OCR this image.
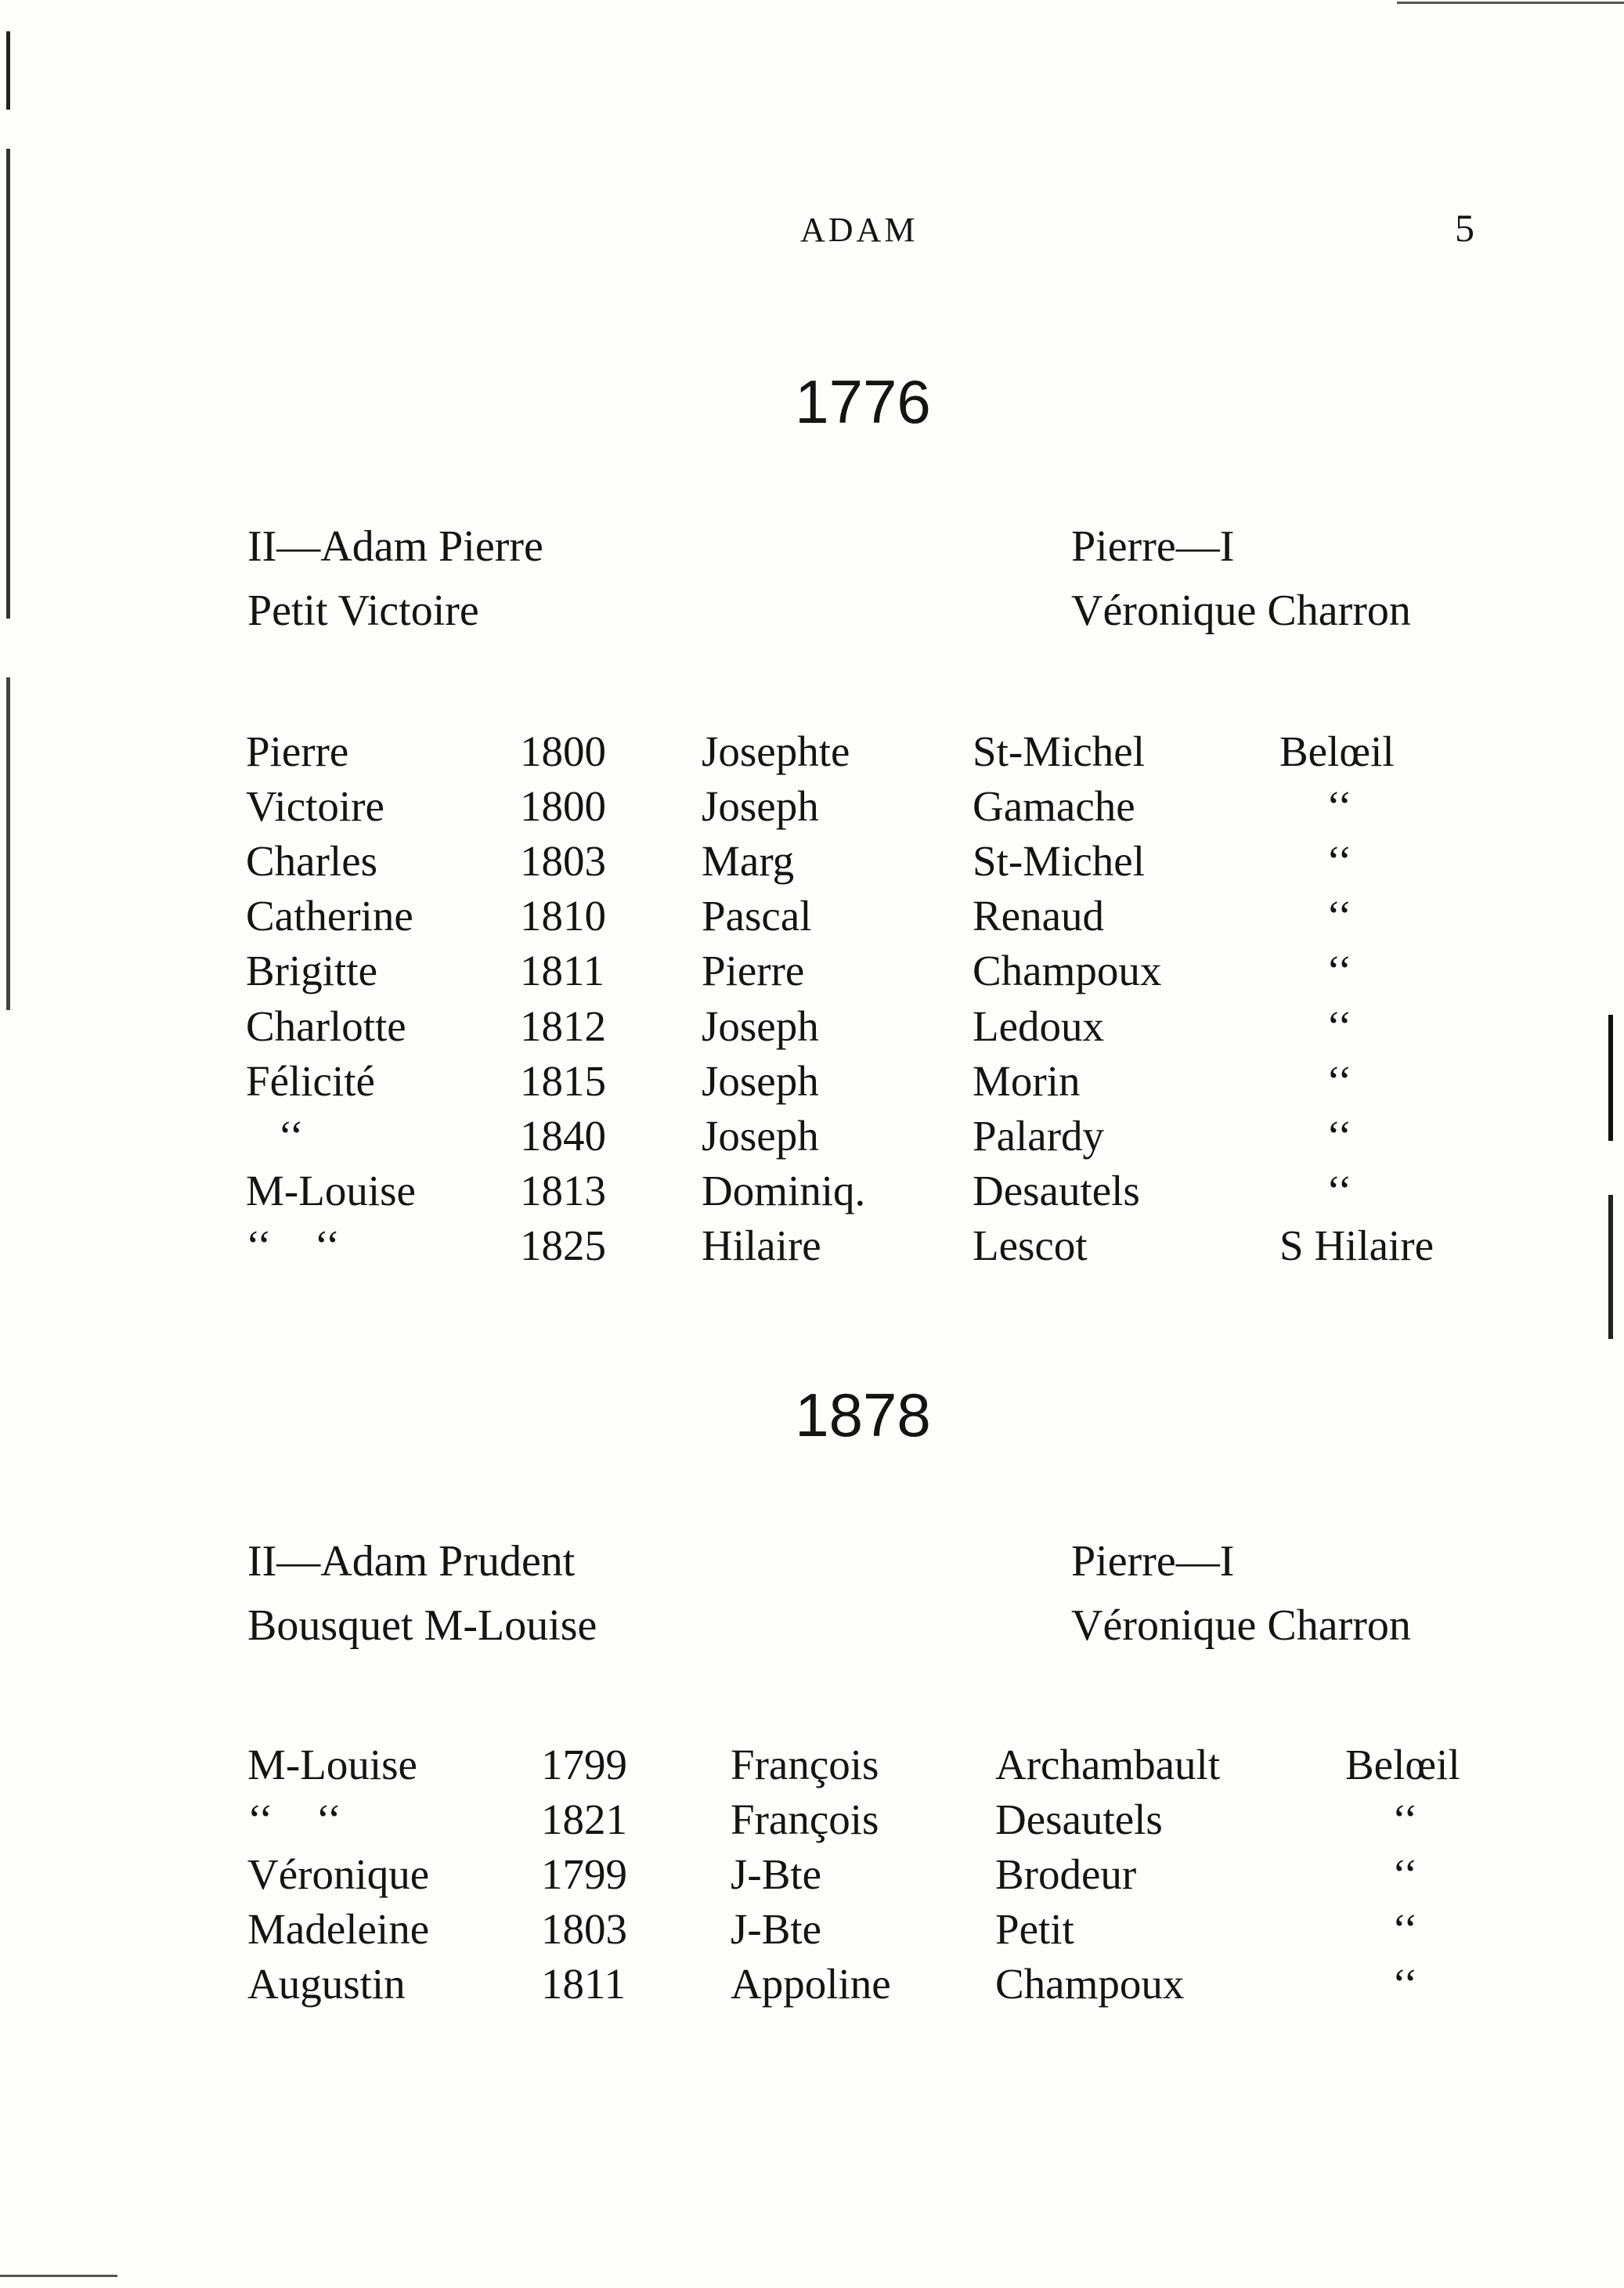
ADAM	5
1776
II—Adam Pierre	Pierre—I
Petit Victoire	Véronique Charron
Pierre	1800	Josephte	St-Michel	Belœil
Victoire	1800	Joseph	Gamache	‘‘
Charles	1803	Marg	St-Michel	‘‘
Catherine	1810	Pascal	Renaud	‘‘
Brigitte	1811	Pierre	Champoux	‘‘
Charlotte	1812	Joseph	Ledoux	‘‘
Félicité	1815	Joseph	Morin	‘‘
‘‘	1840	Joseph	Palardy	‘‘
M-Louise	1813	Dominiq.	Desautels	‘‘
‘‘    ‘‘	1825	Hilaire	Lescot	S Hilaire
1878
II—Adam Prudent	Pierre—I
Bousquet M-Louise	Véronique Charron
M-Louise	1799	François	Archambault	Belœil
‘‘    ‘‘	1821	François	Desautels	‘‘
Véronique	1799	J-Bte	Brodeur	‘‘
Madeleine	1803	J-Bte	Petit	‘‘
Augustin	1811	Appoline	Champoux	‘‘
